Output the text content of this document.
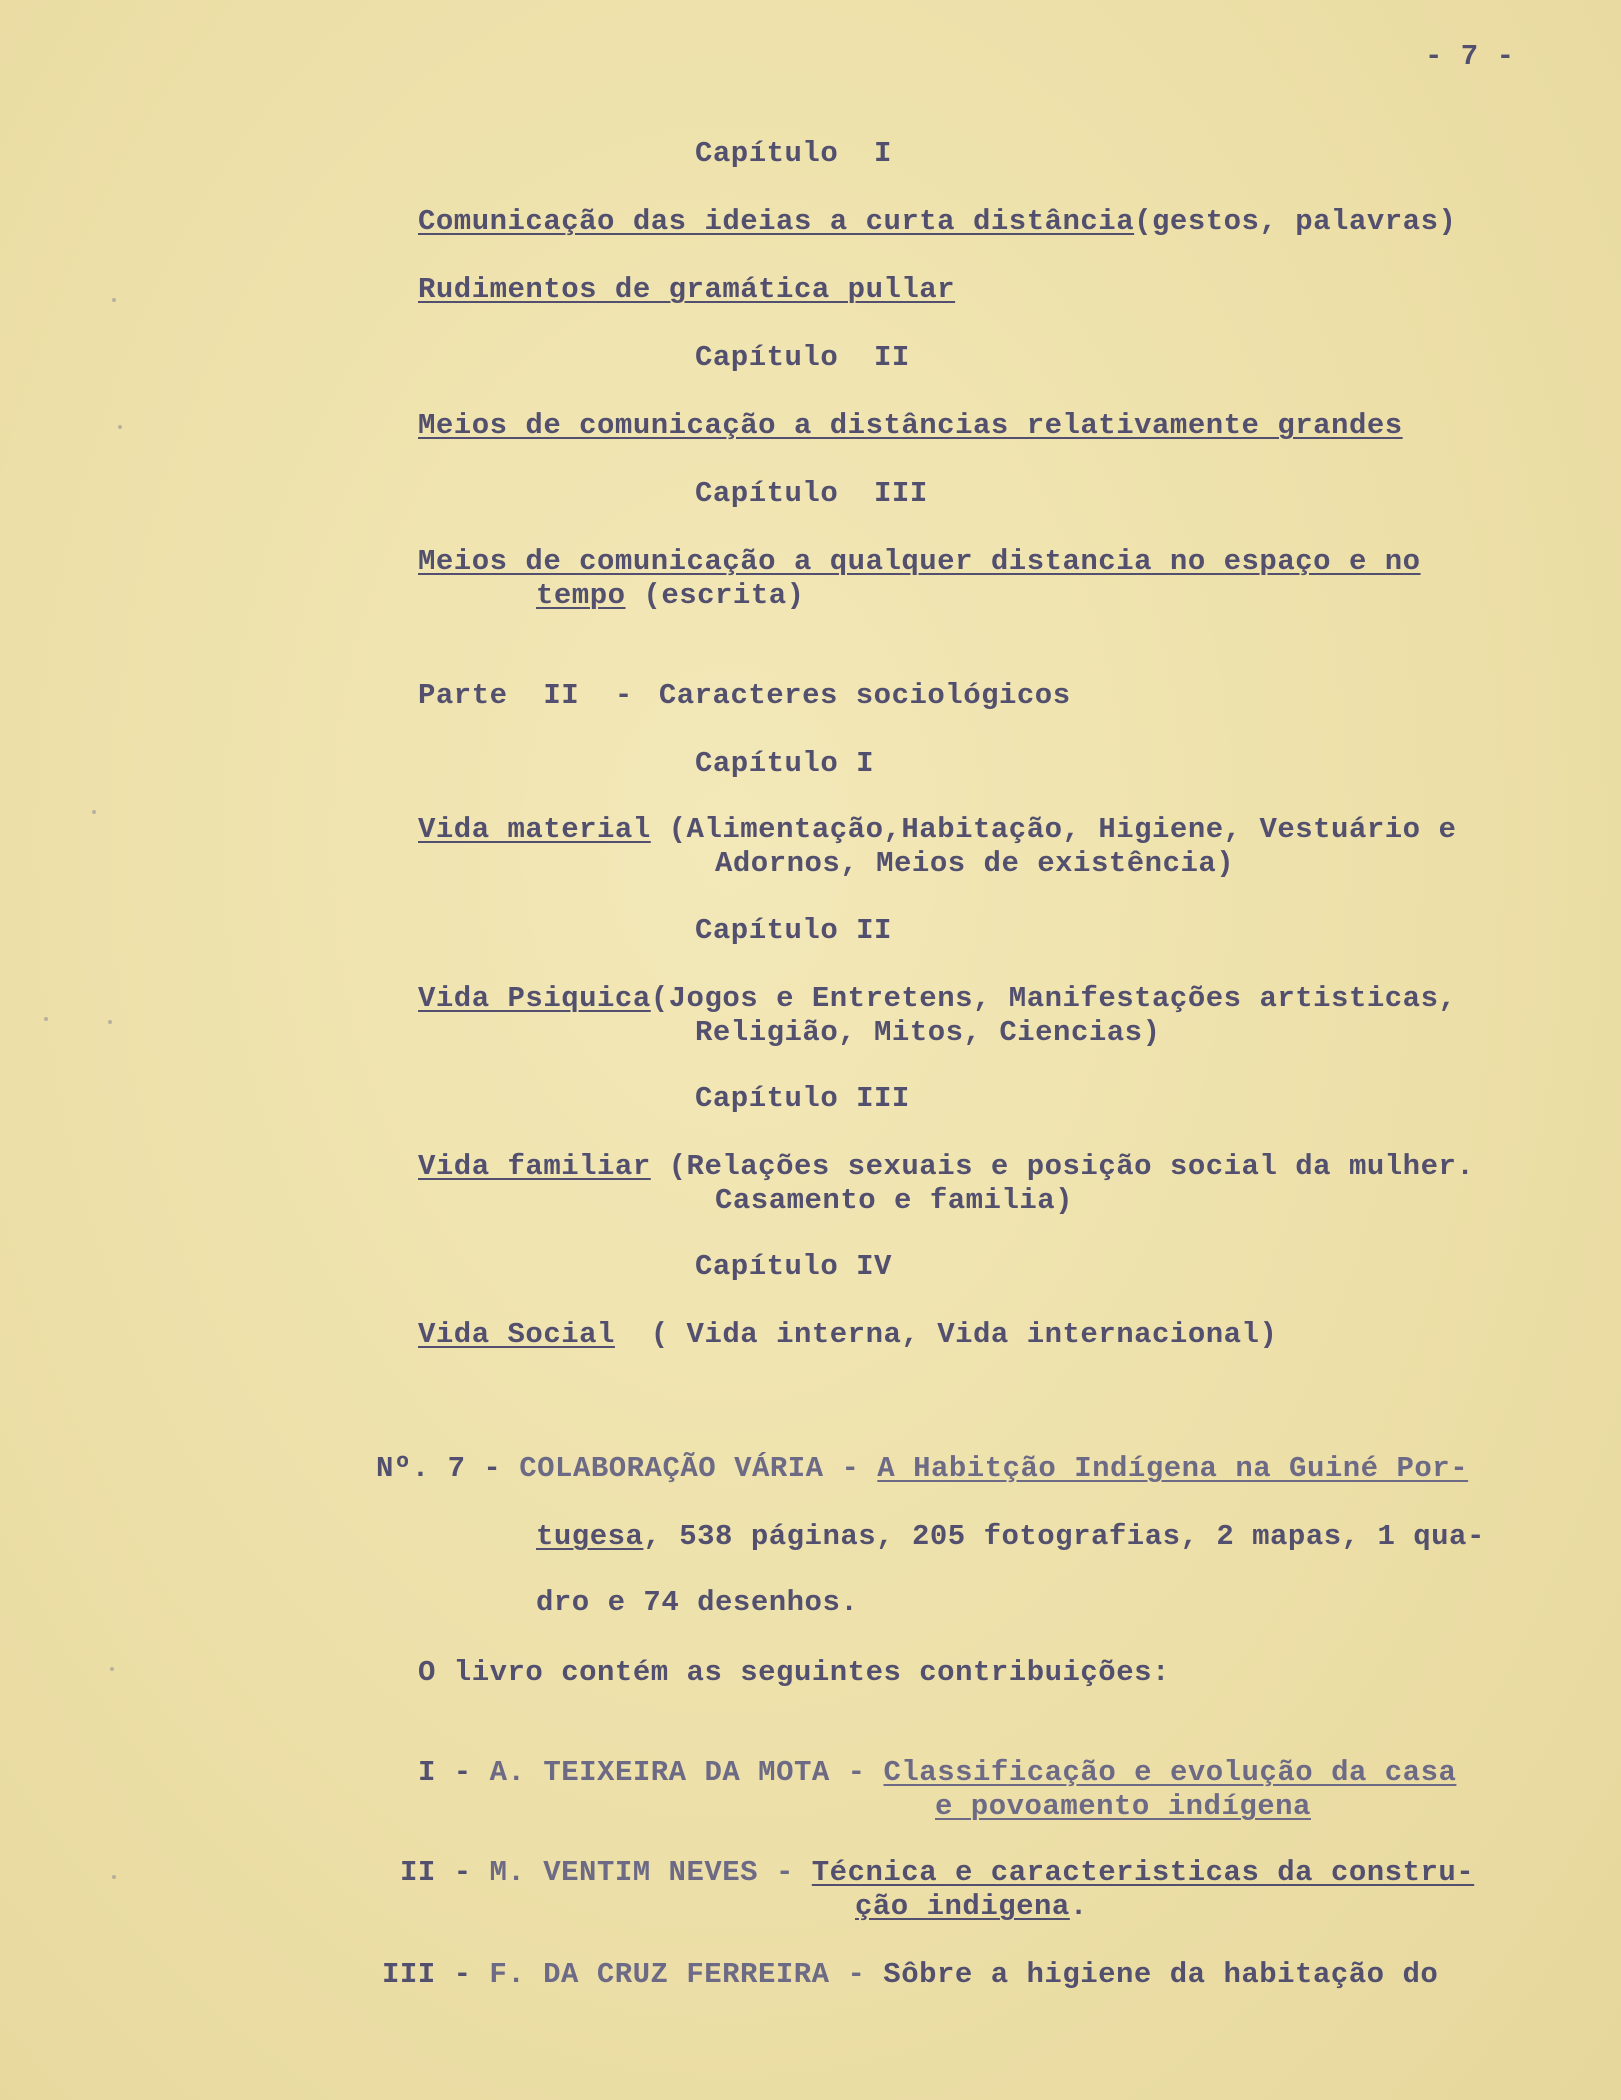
- 7 -
Capítulo  I
Comunicação das ideias a curta distância(gestos, palavras)
Rudimentos de gramática pullar
Capítulo  II
Meios de comunicação a distâncias relativamente grandes
Capítulo  III
Meios de comunicação a qualquer distancia no espaço e no
tempo (escrita)
Parte  II  - Caracteres sociológicos
Capítulo I
Vida material (Alimentação,Habitação, Higiene, Vestuário e
Adornos, Meios de existência)
Capítulo II
Vida Psiquica(Jogos e Entretens, Manifestações artisticas,
Religião, Mitos, Ciencias)
Capítulo III
Vida familiar (Relações sexuais e posição social da mulher.
Casamento e familia)
Capítulo IV
Vida Social  ( Vida interna, Vida internacional)
Nº. 7 - COLABORAÇÃO VÁRIA - A Habitção Indígena na Guiné Por-
tugesa, 538 páginas, 205 fotografias, 2 mapas, 1 qua-
dro e 74 desenhos.
O livro contém as seguintes contribuições:
I - A. TEIXEIRA DA MOTA - Classificação e evolução da casa
e povoamento indígena
II - M. VENTIM NEVES - Técnica e caracteristicas da constru-
ção indigena.
III - F. DA CRUZ FERREIRA - Sôbre a higiene da habitação do
